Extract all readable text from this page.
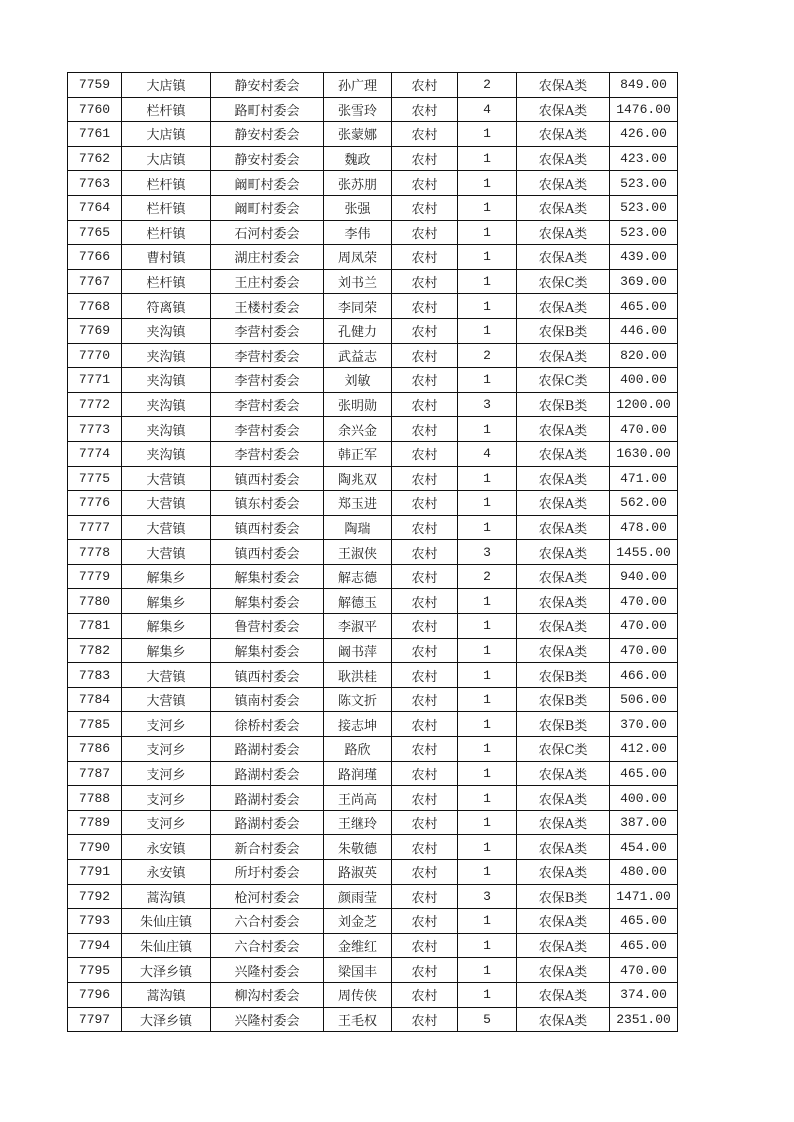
7759	大店镇	静安村委会	孙广理	农村	2	农保A类	849.00
7760	栏杆镇	路町村委会	张雪玲	农村	4	农保A类	1476.00
7761	大店镇	静安村委会	张蒙娜	农村	1	农保A类	426.00
7762	大店镇	静安村委会	魏政	农村	1	农保A类	423.00
7763	栏杆镇	阚町村委会	张苏朋	农村	1	农保A类	523.00
7764	栏杆镇	阚町村委会	张强	农村	1	农保A类	523.00
7765	栏杆镇	石河村委会	李伟	农村	1	农保A类	523.00
7766	曹村镇	湖庄村委会	周凤荣	农村	1	农保A类	439.00
7767	栏杆镇	王庄村委会	刘书兰	农村	1	农保C类	369.00
7768	符离镇	王楼村委会	李同荣	农村	1	农保A类	465.00
7769	夹沟镇	李营村委会	孔健力	农村	1	农保B类	446.00
7770	夹沟镇	李营村委会	武益志	农村	2	农保A类	820.00
7771	夹沟镇	李营村委会	刘敏	农村	1	农保C类	400.00
7772	夹沟镇	李营村委会	张明勋	农村	3	农保B类	1200.00
7773	夹沟镇	李营村委会	余兴金	农村	1	农保A类	470.00
7774	夹沟镇	李营村委会	韩正军	农村	4	农保A类	1630.00
7775	大营镇	镇西村委会	陶兆双	农村	1	农保A类	471.00
7776	大营镇	镇东村委会	郑玉进	农村	1	农保A类	562.00
7777	大营镇	镇西村委会	陶瑞	农村	1	农保A类	478.00
7778	大营镇	镇西村委会	王淑侠	农村	3	农保A类	1455.00
7779	解集乡	解集村委会	解志德	农村	2	农保A类	940.00
7780	解集乡	解集村委会	解德玉	农村	1	农保A类	470.00
7781	解集乡	鲁营村委会	李淑平	农村	1	农保A类	470.00
7782	解集乡	解集村委会	阚书萍	农村	1	农保A类	470.00
7783	大营镇	镇西村委会	耿洪桂	农村	1	农保B类	466.00
7784	大营镇	镇南村委会	陈文折	农村	1	农保B类	506.00
7785	支河乡	徐桥村委会	接志坤	农村	1	农保B类	370.00
7786	支河乡	路湖村委会	路欣	农村	1	农保C类	412.00
7787	支河乡	路湖村委会	路润瑾	农村	1	农保A类	465.00
7788	支河乡	路湖村委会	王尚高	农村	1	农保A类	400.00
7789	支河乡	路湖村委会	王继玲	农村	1	农保A类	387.00
7790	永安镇	新合村委会	朱敬德	农村	1	农保A类	454.00
7791	永安镇	所圩村委会	路淑英	农村	1	农保A类	480.00
7792	蒿沟镇	枪河村委会	颜雨莹	农村	3	农保B类	1471.00
7793	朱仙庄镇	六合村委会	刘金芝	农村	1	农保A类	465.00
7794	朱仙庄镇	六合村委会	金维红	农村	1	农保A类	465.00
7795	大泽乡镇	兴隆村委会	梁国丰	农村	1	农保A类	470.00
7796	蒿沟镇	柳沟村委会	周传侠	农村	1	农保A类	374.00
7797	大泽乡镇	兴隆村委会	王毛权	农村	5	农保A类	2351.00
